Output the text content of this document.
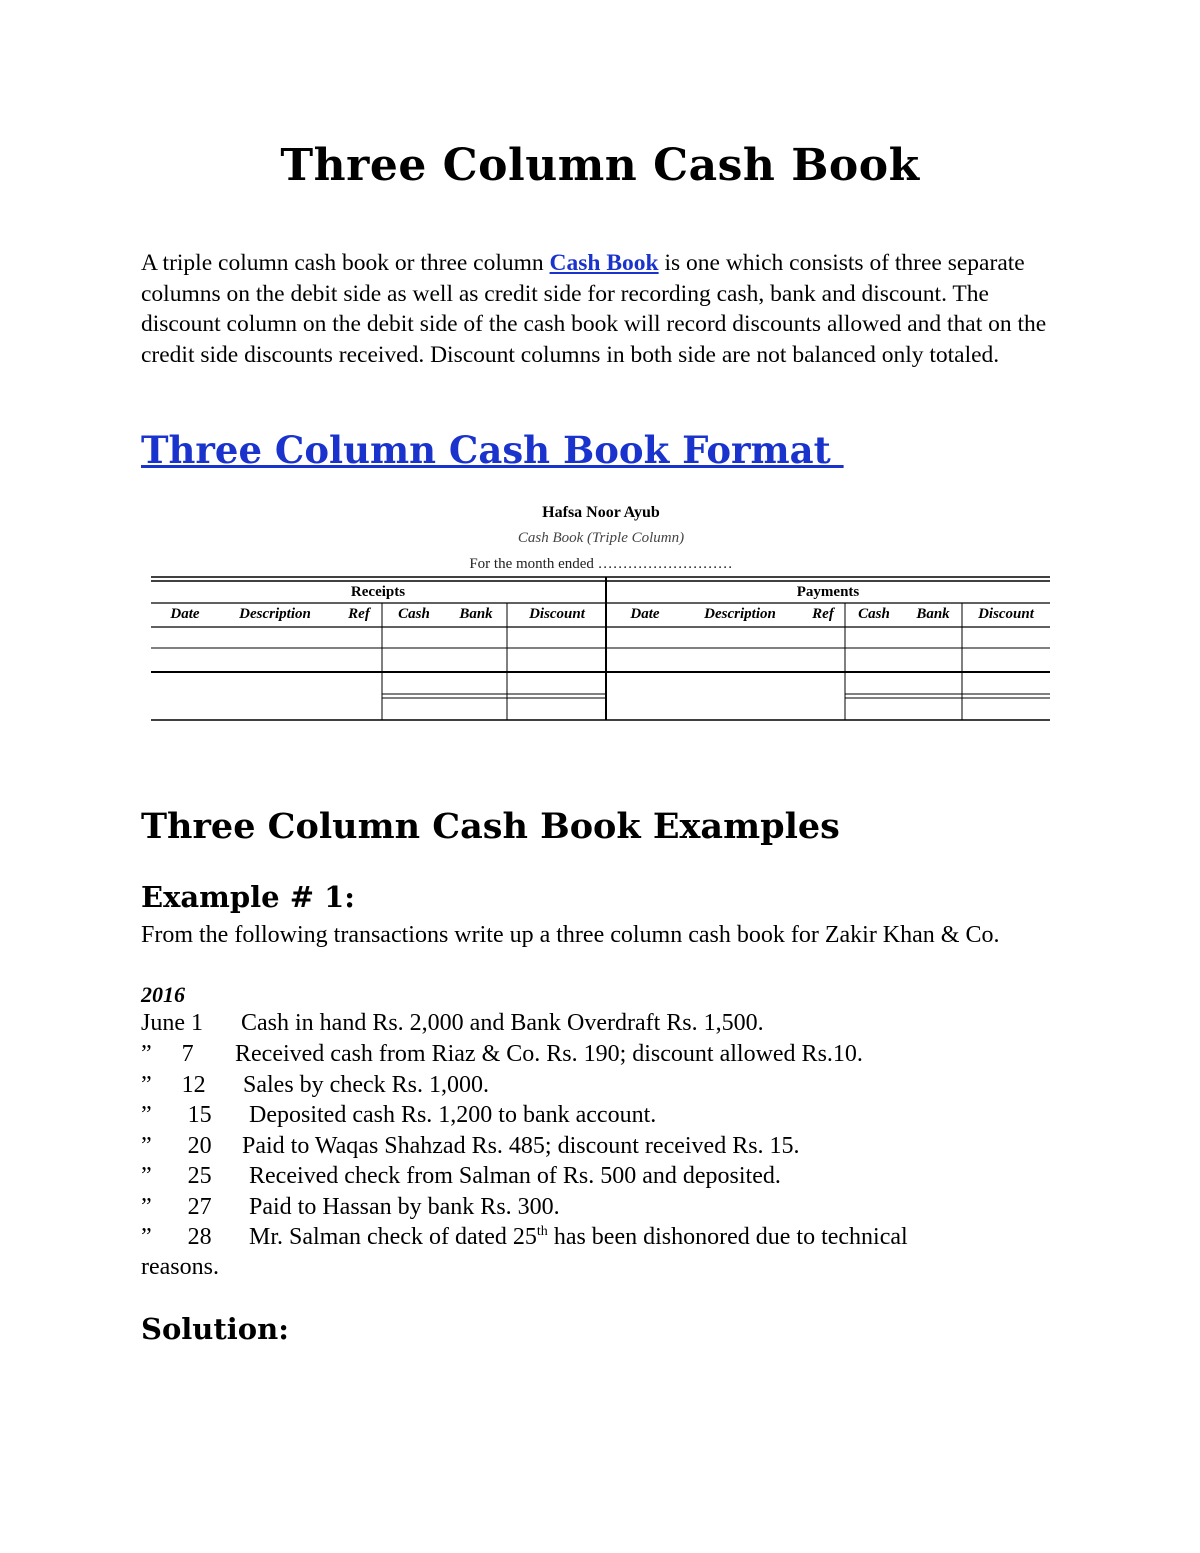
Three Column Cash Book

A triple column cash book or three column Cash Book is one which consists of three separate columns on the debit side as well as credit side for recording cash, bank and discount. The discount column on the debit side of the cash book will record discounts allowed and that on the credit side discounts received. Discount columns in both side are not balanced only totaled.

Three Column Cash Book Format
Hafsa Noor Ayub
Cash Book (Triple Column)
For the month ended ………………………
Receipts	Payments
Date	Description	Ref	Cash	Bank	Discount	Date	Description	Ref	Cash	Bank	Discount
Three Column Cash Book Examples
Example # 1:

From the following transactions write up a three column cash book for Zakir Khan & Co.

2016

June 1 Cash in hand Rs. 2,000 and Bank Overdraft Rs. 1,500.

”     7 Received cash from Riaz & Co. Rs. 190; discount allowed Rs.10.

”     12 Sales by check Rs. 1,000.

”      15 Deposited cash Rs. 1,200 to bank account.

”      20 Paid to Waqas Shahzad Rs. 485; discount received Rs. 15.

”      25 Received check from Salman of Rs. 500 and deposited.

”      27 Paid to Hassan by bank Rs. 300.

”      28 Mr. Salman check of dated 25th has been dishonored due to technical

reasons.

Solution:
